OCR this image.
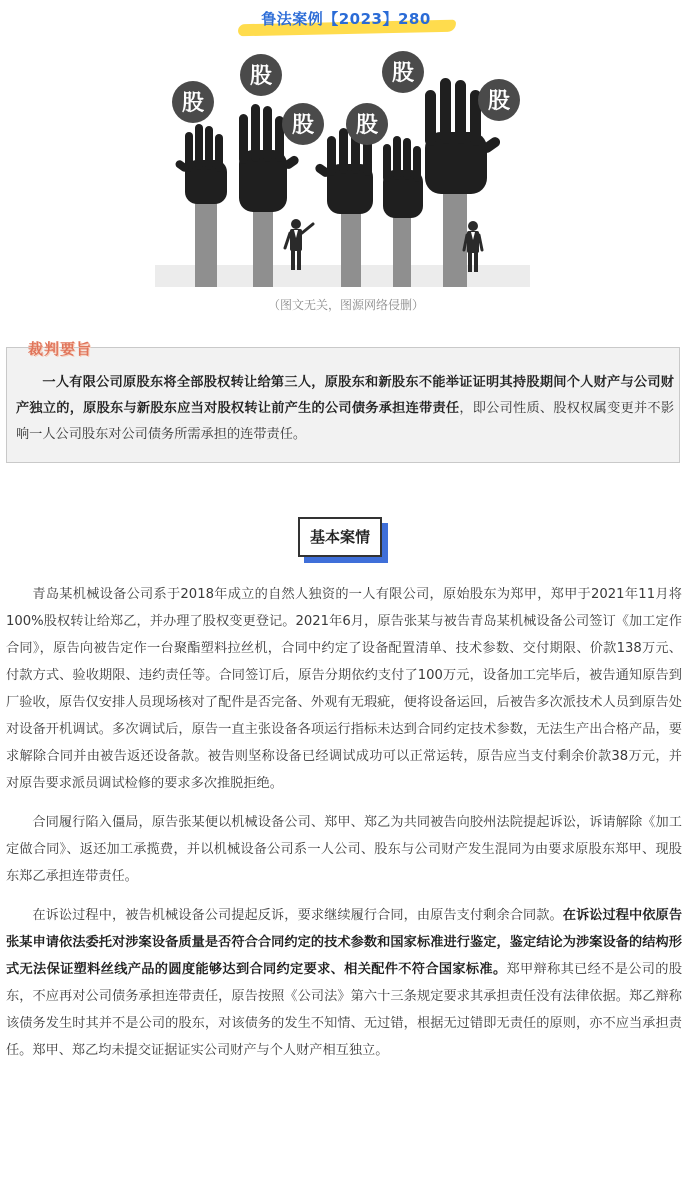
鲁法案例【2023】280
股
股
股 股
股
股
（图文无关，图源网络侵删）
裁判要旨
一人有限公司原股东将全部股权转让给第三人，原股东和新股东不能举证证明其持股期间个人财产与公司财产独立的，原股东与新股东应当对股权转让前产生的公司债务承担连带责任，即公司性质、股权权属变更并不影响一人公司股东对公司债务所需承担的连带责任。
基本案情

青岛某机械设备公司系于2018年成立的自然人独资的一人有限公司，原始股东为郑甲，郑甲于2021年11月将100%股权转让给郑乙，并办理了股权变更登记。2021年6月，原告张某与被告青岛某机械设备公司签订《加工定作合同》，原告向被告定作一台聚酯塑料拉丝机，合同中约定了设备配置清单、技术参数、交付期限、价款138万元、付款方式、验收期限、违约责任等。合同签订后，原告分期依约支付了100万元，设备加工完毕后，被告通知原告到厂验收，原告仅安排人员现场核对了配件是否完备、外观有无瑕疵，便将设备运回，后被告多次派技术人员到原告处对设备开机调试。多次调试后，原告一直主张设备各项运行指标未达到合同约定技术参数，无法生产出合格产品，要求解除合同并由被告返还设备款。被告则坚称设备已经调试成功可以正常运转，原告应当支付剩余价款38万元，并对原告要求派员调试检修的要求多次推脱拒绝。

合同履行陷入僵局，原告张某便以机械设备公司、郑甲、郑乙为共同被告向胶州法院提起诉讼，诉请解除《加工定做合同》、返还加工承揽费，并以机械设备公司系一人公司、股东与公司财产发生混同为由要求原股东郑甲、现股东郑乙承担连带责任。

在诉讼过程中，被告机械设备公司提起反诉，要求继续履行合同，由原告支付剩余合同款。在诉讼过程中依原告张某申请依法委托对涉案设备质量是否符合合同约定的技术参数和国家标准进行鉴定，鉴定结论为涉案设备的结构形式无法保证塑料丝线产品的圆度能够达到合同约定要求、相关配件不符合国家标准。郑甲辩称其已经不是公司的股东，不应再对公司债务承担连带责任，原告按照《公司法》第六十三条规定要求其承担责任没有法律依据。郑乙辩称该债务发生时其并不是公司的股东，对该债务的发生不知情、无过错，根据无过错即无责任的原则，亦不应当承担责任。郑甲、郑乙均未提交证据证实公司财产与个人财产相互独立。
